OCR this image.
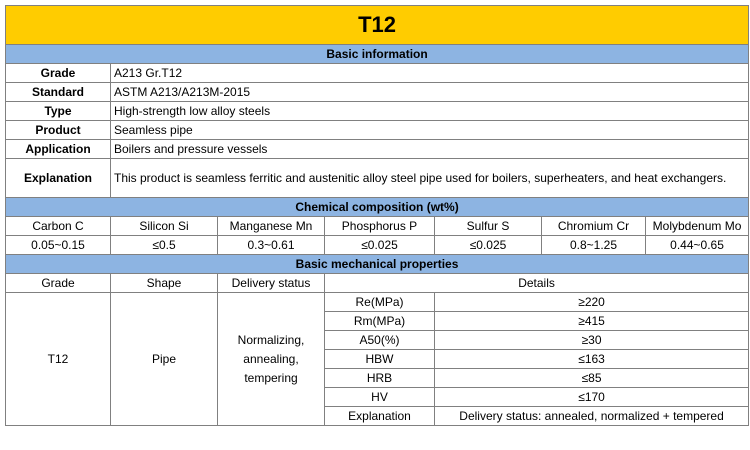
T12						
Basic information						
Grade	A213 Gr.T12					
Standard	ASTM A213/A213M-2015					
Type	High-strength low alloy steels					
Product	Seamless pipe					
Application	Boilers and pressure vessels					
Explanation	This product is seamless ferritic and austenitic alloy steel pipe used for boilers, superheaters, and heat exchangers.					
Chemical composition (wt%)						
Carbon C	Silicon Si	Manganese Mn	Phosphorus P	Sulfur S	Chromium Cr	Molybdenum Mo
0.05~0.15	≤0.5	0.3~0.61	≤0.025	≤0.025	0.8~1.25	0.44~0.65
Basic mechanical properties						
Grade	Shape	Delivery status	Details			
T12	Pipe	Normalizing, annealing, tempering	Re(MPa)	≥220		
			Rm(MPa)	≥415		
			A50(%)	≥30		
			HBW	≤163		
			HRB	≤85		
			HV	≤170		
			Explanation	Delivery status: annealed, normalized + tempered		
